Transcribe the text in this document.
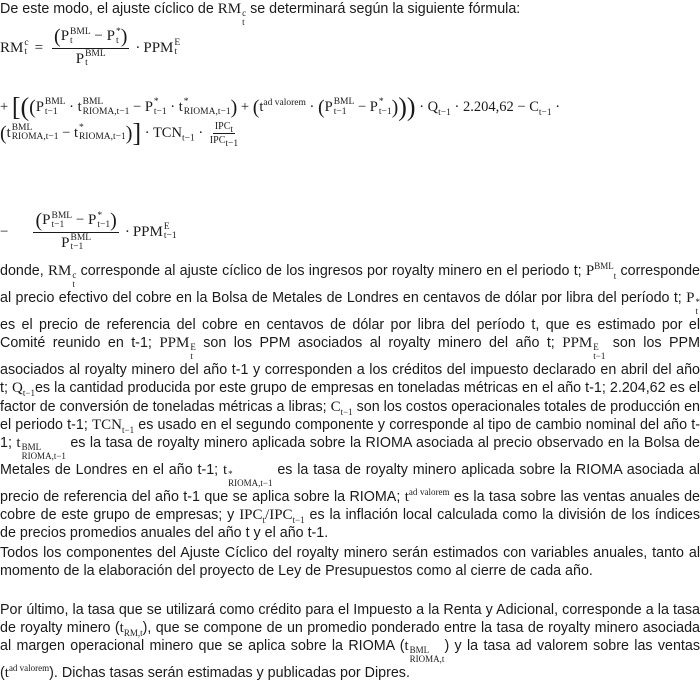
De este modo, el ajuste cíclico de RM c
t
se determinará según la siguiente fórmula:
RM c
t = (P BML
t	− P *
t )
P BML
t · PPM E
t
+ [((P BML
t−1 · t BML
RIOMA,t−1 − P *
t−1 · t *
RIOMA,t−1 ) + ($t^{ad valorem} \cdot (P$ BML
t−1 − P *
t−1 ))) · $Q_{t-1} \cdot 2.204,62 - C_{t-1}$ ·
(t BML
RIOMA,t−1 − t *
RIOMA,t−1 )] · $TCN_{t-1} \cdot \frac{IPC_t}{IPC_{t-1}}$
− (P BML
t−1 − P *
t−1 )
P BML
t−1 · PPM E
t−1
donde, RM c
t
corresponde al ajuste cíclico de los ingresos por royalty minero en el periodo t; $P^{BML}_t$ corresponde al precio efectivo del cobre en la Bolsa de Metales de Londres en centavos de dólar por libra del período t; P *
t
es el precio de referencia del cobre en centavos de dólar por libra del período t, que es estimado por el Comité reunido en t-1; PPM E
t
son los PPM asociados al royalty minero del año t; PPM E
t−1
son los PPM asociados al royalty minero del año t-1 y corresponden a los créditos del impuesto declarado en abril del año t; $Q_{t-1}es$ la cantidad producida por este grupo de empresas en toneladas métricas en el año t-1; 2.204,62 es el factor de conversión de toneladas métricas a libras; $C_{t-1}$ son los costos operacionales totales de producción en el periodo t-1; $TCN_{t-1}$ es usado en el segundo componente y corresponde al tipo de cambio nominal del año t-1; t BML
RIOMA,t−1
es la tasa de royalty minero aplicada sobre la RIOMA asociada al precio observado en la Bolsa de Metales de Londres en el año t-1; t *
RIOMA,t−1
es la tasa de royalty minero aplicada sobre la RIOMA asociada al precio de referencia del año t-1 que se aplica sobre la RIOMA; $t^{ad valorem}$ es la tasa sobre las ventas anuales de cobre de este grupo de empresas; y $IPC_t/IPC_{t-1}$ es la inflación local calculada como la división de los índices de precios promedios anuales del año t y el año t-1.
Todos los componentes del Ajuste Cíclico del royalty minero serán estimados con variables anuales, tanto al momento de la elaboración del proyecto de Ley de Presupuestos como al cierre de cada año.
Por último, la tasa que se utilizará como crédito para el Impuesto a la Renta y Adicional, corresponde a la tasa de royalty minero $(t_{RM,t})$, que se compone de un promedio ponderado entre la tasa de royalty minero asociada al margen operacional minero que se aplica sobre la RIOMA (t BML
RIOMA,t
) y la tasa ad valorem sobre las ventas $(t^{ad valorem})$. Dichas tasas serán estimadas y publicadas por Dipres.
